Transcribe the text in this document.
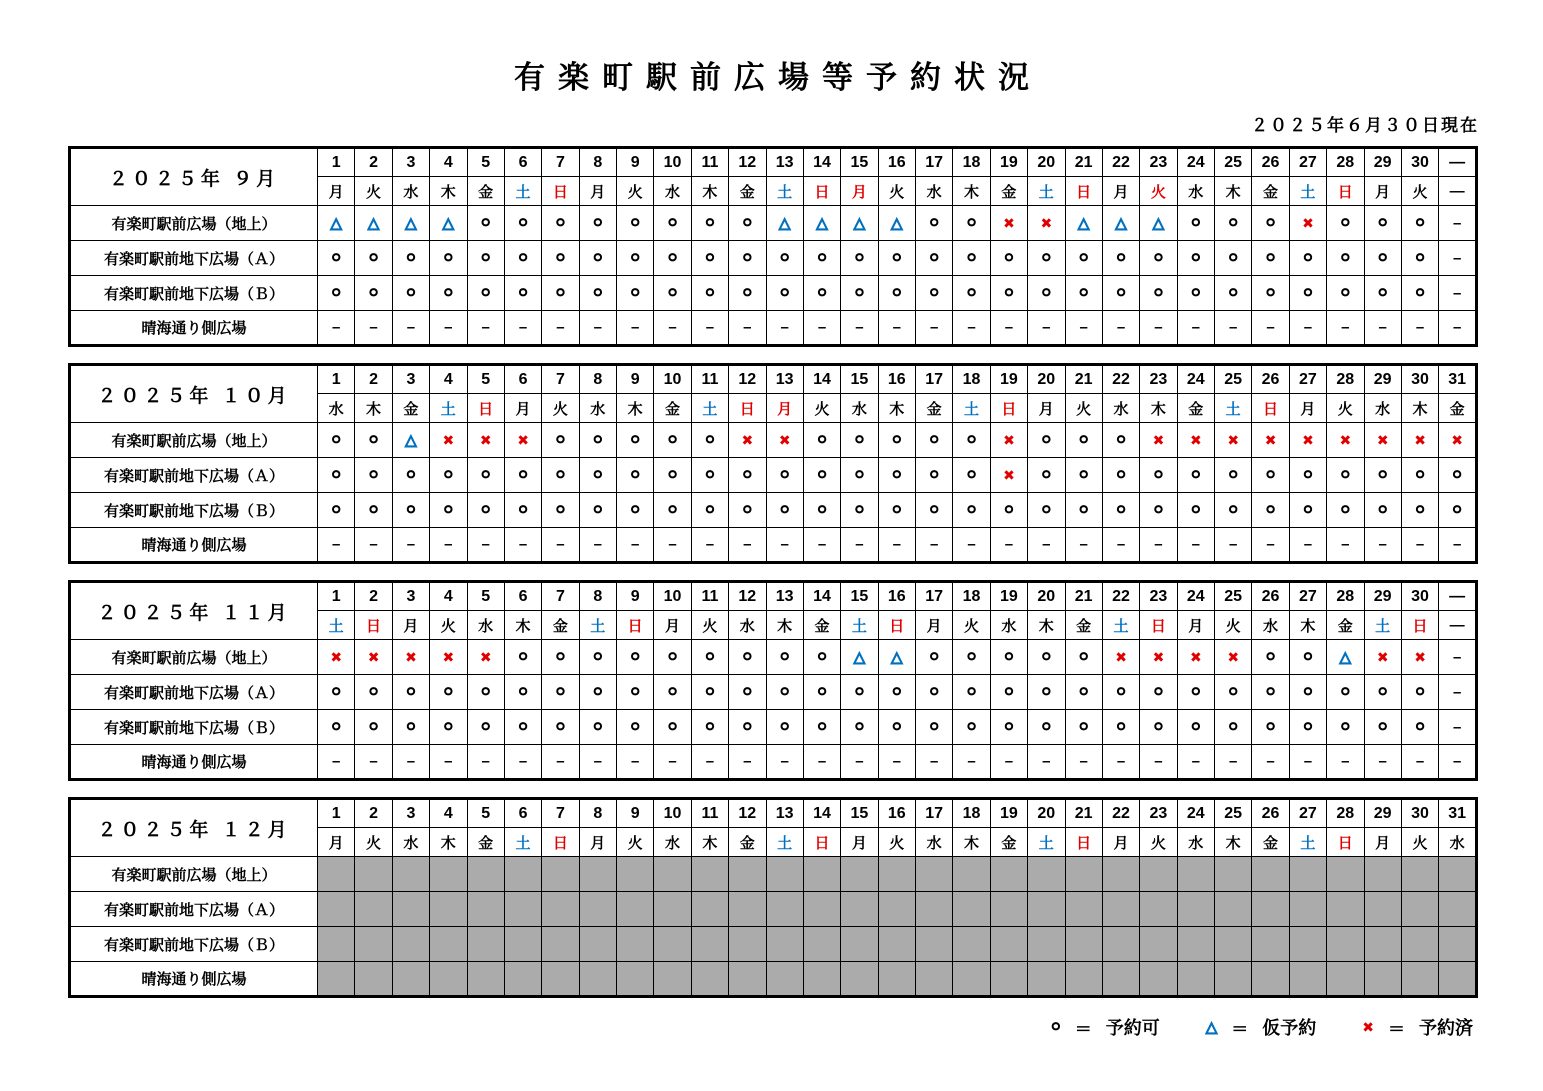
有楽町駅前広場等予約状況
２０２５年６月３０日現在
２０２５年 ９月	1	2	3	4	5	6	7	8	9	10	11	12	13	14	15	16	17	18	19	20	21	22	23	24	25	26	27	28	29	30	—
	月	火	水	木	金	土	日	月	火	水	木	金	土	日	月	火	水	木	金	土	日	月	火	水	木	金	土	日	月	火	—
有楽町駅前広場（地上）	△	△	△	△	○	○	○	○	○	○	○	○	△	△	△	△	○	○	✖	✖	△	△	△	○	○	○	✖	○	○	○	–
有楽町駅前地下広場（Ａ）	○	○	○	○	○	○	○	○	○	○	○	○	○	○	○	○	○	○	○	○	○	○	○	○	○	○	○	○	○	○	–
有楽町駅前地下広場（Ｂ）	○	○	○	○	○	○	○	○	○	○	○	○	○	○	○	○	○	○	○	○	○	○	○	○	○	○	○	○	○	○	–
晴海通り側広場	–	–	–	–	–	–	–	–	–	–	–	–	–	–	–	–	–	–	–	–	–	–	–	–	–	–	–	–	–	–	–
２０２５年 １０月	1	2	3	4	5	6	7	8	9	10	11	12	13	14	15	16	17	18	19	20	21	22	23	24	25	26	27	28	29	30	31
	水	木	金	土	日	月	火	水	木	金	土	日	月	火	水	木	金	土	日	月	火	水	木	金	土	日	月	火	水	木	金
有楽町駅前広場（地上）	○	○	△	✖	✖	✖	○	○	○	○	○	✖	✖	○	○	○	○	○	✖	○	○	○	✖	✖	✖	✖	✖	✖	✖	✖	✖
有楽町駅前地下広場（Ａ）	○	○	○	○	○	○	○	○	○	○	○	○	○	○	○	○	○	○	✖	○	○	○	○	○	○	○	○	○	○	○	○
有楽町駅前地下広場（Ｂ）	○	○	○	○	○	○	○	○	○	○	○	○	○	○	○	○	○	○	○	○	○	○	○	○	○	○	○	○	○	○	○
晴海通り側広場	–	–	–	–	–	–	–	–	–	–	–	–	–	–	–	–	–	–	–	–	–	–	–	–	–	–	–	–	–	–	–
２０２５年 １１月	1	2	3	4	5	6	7	8	9	10	11	12	13	14	15	16	17	18	19	20	21	22	23	24	25	26	27	28	29	30	—
	土	日	月	火	水	木	金	土	日	月	火	水	木	金	土	日	月	火	水	木	金	土	日	月	火	水	木	金	土	日	—
有楽町駅前広場（地上）	✖	✖	✖	✖	✖	○	○	○	○	○	○	○	○	○	△	△	○	○	○	○	○	✖	✖	✖	✖	○	○	△	✖	✖	–
有楽町駅前地下広場（Ａ）	○	○	○	○	○	○	○	○	○	○	○	○	○	○	○	○	○	○	○	○	○	○	○	○	○	○	○	○	○	○	–
有楽町駅前地下広場（Ｂ）	○	○	○	○	○	○	○	○	○	○	○	○	○	○	○	○	○	○	○	○	○	○	○	○	○	○	○	○	○	○	–
晴海通り側広場	–	–	–	–	–	–	–	–	–	–	–	–	–	–	–	–	–	–	–	–	–	–	–	–	–	–	–	–	–	–	–
２０２５年 １２月	1	2	3	4	5	6	7	8	9	10	11	12	13	14	15	16	17	18	19	20	21	22	23	24	25	26	27	28	29	30	31
	月	火	水	木	金	土	日	月	火	水	木	金	土	日	月	火	水	木	金	土	日	月	火	水	木	金	土	日	月	火	水
有楽町駅前広場（地上）																															
有楽町駅前地下広場（Ａ）																															
有楽町駅前地下広場（Ｂ）																															
晴海通り側広場																															
○ ＝ 予約可	△ ＝ 仮予約	✖ ＝ 予約済
